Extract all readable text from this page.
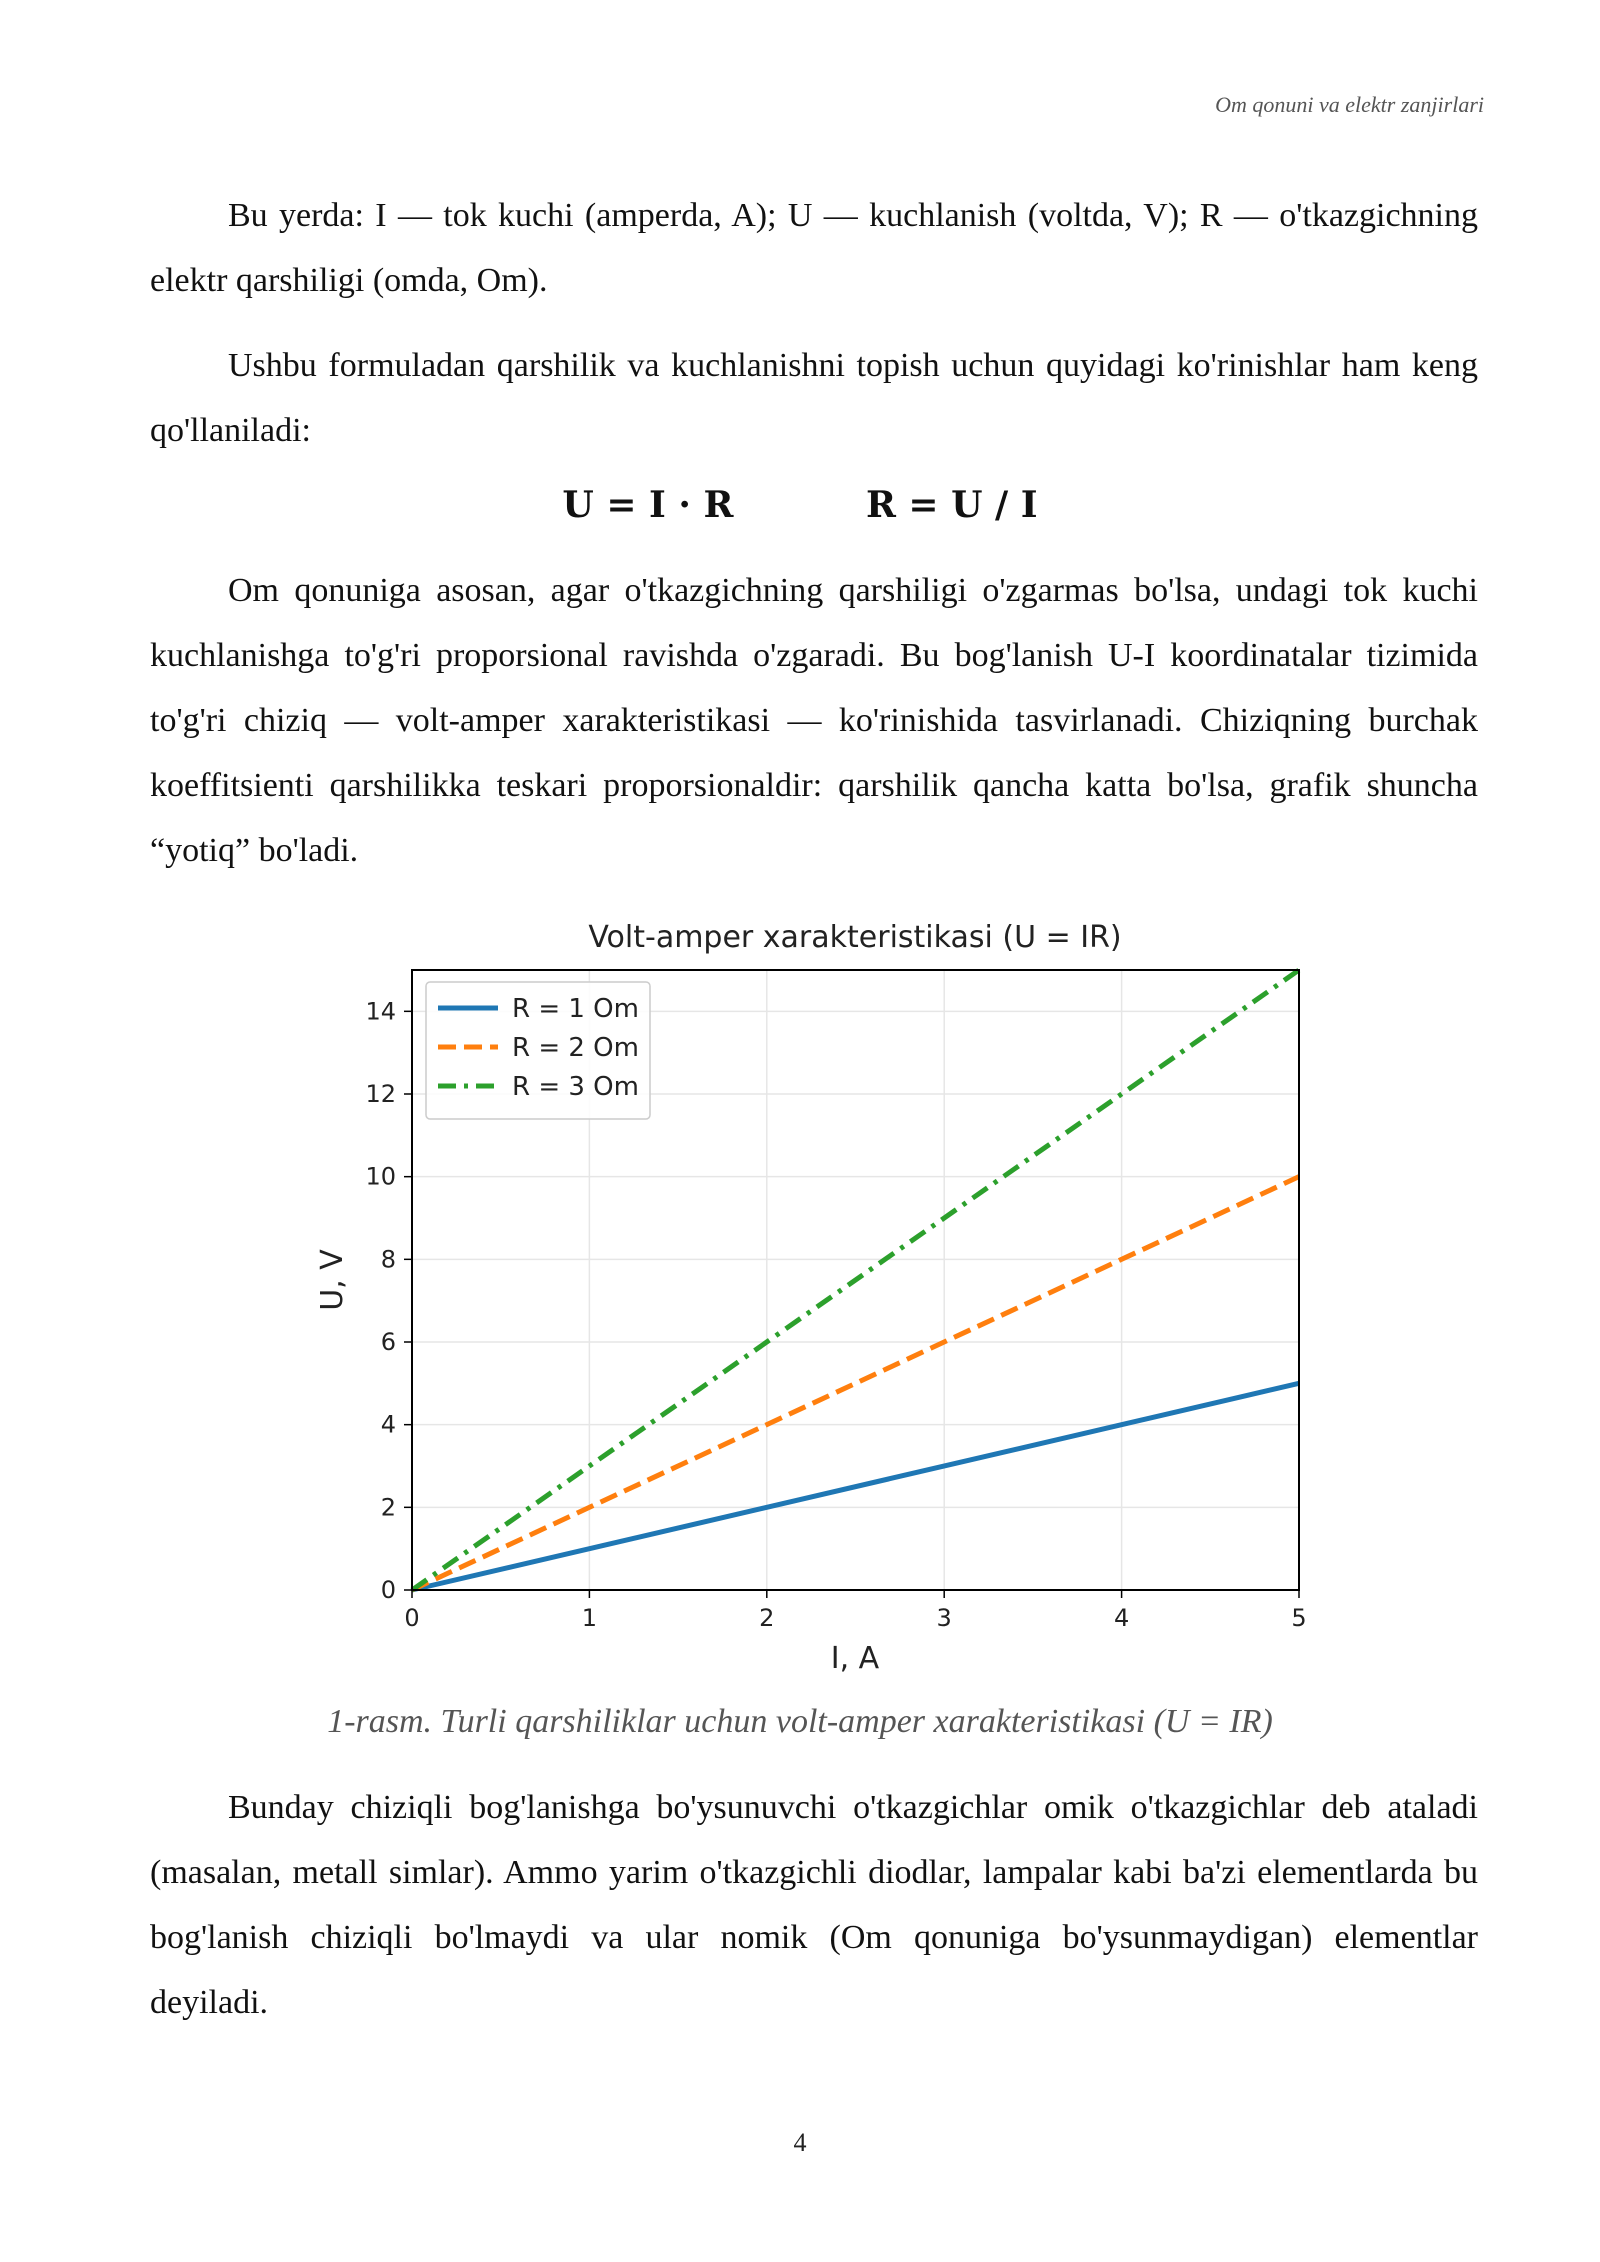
Om qonuni va elektr zanjirlari

Bu yerda: I — tok kuchi (amperda, A); U — kuchlanish (voltda, V); R — o'tkazgichning elektr qarshiligi (omda, Om).

Ushbu formuladan qarshilik va kuchlanishni topish uchun quyidagi ko'rinishlar ham keng qo'llaniladi:

U = I · R	R = U / I

Om qonuniga asosan, agar o'tkazgichning qarshiligi o'zgarmas bo'lsa, undagi tok kuchi kuchlanishga to'g'ri proporsional ravishda o'zgaradi. Bu bog'lanish U-I koordinatalar tizimida to'g'ri chiziq — volt-amper xarakteristikasi — ko'rinishida tasvirlanadi. Chiziqning burchak koeffitsienti qarshilikka teskari proporsionaldir: qarshilik qancha katta bo'lsa, grafik shuncha “yotiq” bo'ladi.

Volt-amper xarakteristikasi (U = IR)
0	1	2	3	4	5
0
2
4
6
8
10
12
14
I, A
U, V
R = 1 Om
R = 2 Om
R = 3 Om
1-rasm. Turli qarshiliklar uchun volt-amper xarakteristikasi (U = IR)

Bunday chiziqli bog'lanishga bo'ysunuvchi o'tkazgichlar omik o'tkazgichlar deb ataladi (masalan, metall simlar). Ammo yarim o'tkazgichli diodlar, lampalar kabi ba'zi elementlarda bu bog'lanish chiziqli bo'lmaydi va ular nomik (Om qonuniga bo'ysunmaydigan) elementlar deyiladi.

4
